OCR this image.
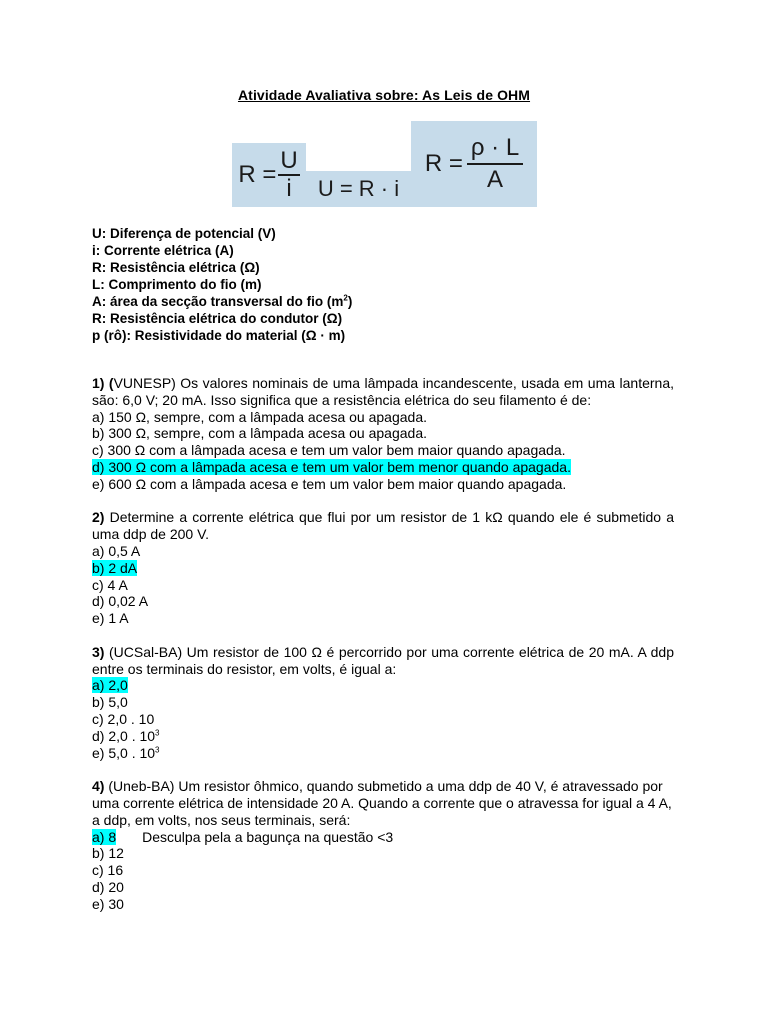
Atividade Avaliativa sobre: As Leis de OHM
$R = \frac{U}{i}$ U = R · i
$R = \frac{\rho \cdot L}{A}$
U: Diferença de potencial (V)
i: Corrente elétrica (A)
R: Resistência elétrica (Ω)
L: Comprimento do fio (m)
A: área da secção transversal do fio $(m^2)$
R: Resistência elétrica do condutor (Ω)
p (rô): Resistividade do material (Ω · m)
1) (VUNESP) Os valores nominais de uma lâmpada incandescente, usada em uma lanterna, são: 6,0 V; 20 mA. Isso significa que a resistência elétrica do seu filamento é de:
a) 150 Ω, sempre, com a lâmpada acesa ou apagada.
b) 300 Ω, sempre, com a lâmpada acesa ou apagada.
c) 300 Ω com a lâmpada acesa e tem um valor bem maior quando apagada.
d) 300 Ω com a lâmpada acesa e tem um valor bem menor quando apagada.
e) 600 Ω com a lâmpada acesa e tem um valor bem maior quando apagada.
2) Determine a corrente elétrica que flui por um resistor de 1 kΩ quando ele é submetido a uma ddp de 200 V.
a) 0,5 A
b) 2 dA
c) 4 A
d) 0,02 A
e) 1 A
3) (UCSal-BA) Um resistor de 100 Ω é percorrido por uma corrente elétrica de 20 mA. A ddp entre os terminais do resistor, em volts, é igual a:
a) 2,0
b) 5,0
c) 2,0 . 10
d) 2,0 . $10^3$
e) 5,0 . $10^3$
4) (Uneb-BA) Um resistor ôhmico, quando submetido a uma ddp de 40 V, é atravessado por uma corrente elétrica de intensidade 20 A. Quando a corrente que o atravessa for igual a 4 A, a ddp, em volts, nos seus terminais, será:
a) 8 Desculpa pela a bagunça na questão <3
b) 12
c) 16
d) 20
e) 30
